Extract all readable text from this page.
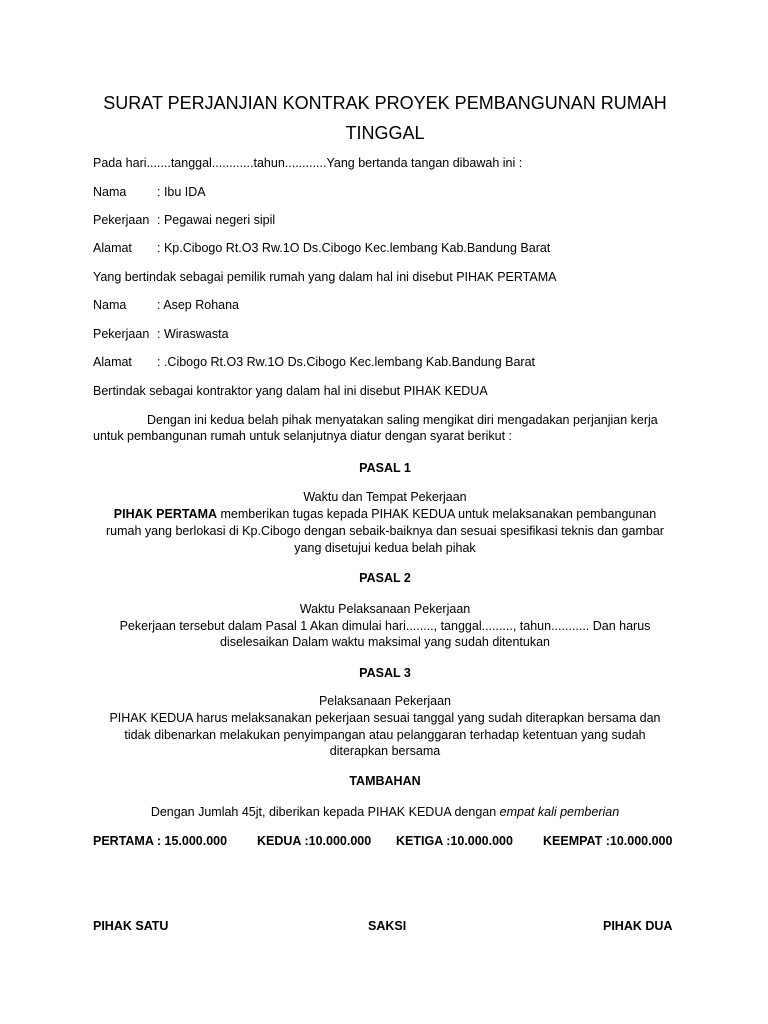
SURAT PERJANJIAN KONTRAK PROYEK PEMBANGUNAN RUMAH TINGGAL
Pada hari.......tanggal............tahun............Yang bertanda tangan dibawah ini :
Nama : Ibu IDA
Pekerjaan : Pegawai negeri sipil
Alamat : Kp.Cibogo Rt.O3 Rw.1O Ds.Cibogo Kec.lembang Kab.Bandung Barat
Yang bertindak sebagai pemilik rumah yang dalam hal ini disebut PIHAK PERTAMA
Nama : Asep Rohana
Pekerjaan : Wiraswasta
Alamat : .Cibogo Rt.O3 Rw.1O Ds.Cibogo Kec.lembang Kab.Bandung Barat
Bertindak sebagai kontraktor yang dalam hal ini disebut PIHAK KEDUA
Dengan ini kedua belah pihak menyatakan saling mengikat diri mengadakan perjanjian kerja untuk pembangunan rumah untuk selanjutnya diatur dengan syarat berikut :
PASAL 1
Waktu dan Tempat Pekerjaan
PIHAK PERTAMA memberikan tugas kepada PIHAK KEDUA untuk melaksanakan pembangunan
rumah yang berlokasi di Kp.Cibogo dengan sebaik-baiknya dan sesuai spesifikasi teknis dan gambar
yang disetujui kedua belah pihak
PASAL 2
Waktu Pelaksanaan Pekerjaan
Pekerjaan tersebut dalam Pasal 1 Akan dimulai hari........, tanggal........., tahun........... Dan harus
diselesaikan Dalam waktu maksimal yang sudah ditentukan
PASAL 3
Pelaksanaan Pekerjaan
PIHAK KEDUA harus melaksanakan pekerjaan sesuai tanggal yang sudah diterapkan bersama dan
tidak dibenarkan melakukan penyimpangan atau pelanggaran terhadap ketentuan yang sudah
diterapkan bersama
TAMBAHAN
Dengan Jumlah 45jt, diberikan kepada PIHAK KEDUA dengan empat kali pemberian
PERTAMA : 15.000.000 KEDUA :10.000.000 KETIGA :10.000.000 KEEMPAT :10.000.000
PIHAK SATU	SAKSI	PIHAK DUA
